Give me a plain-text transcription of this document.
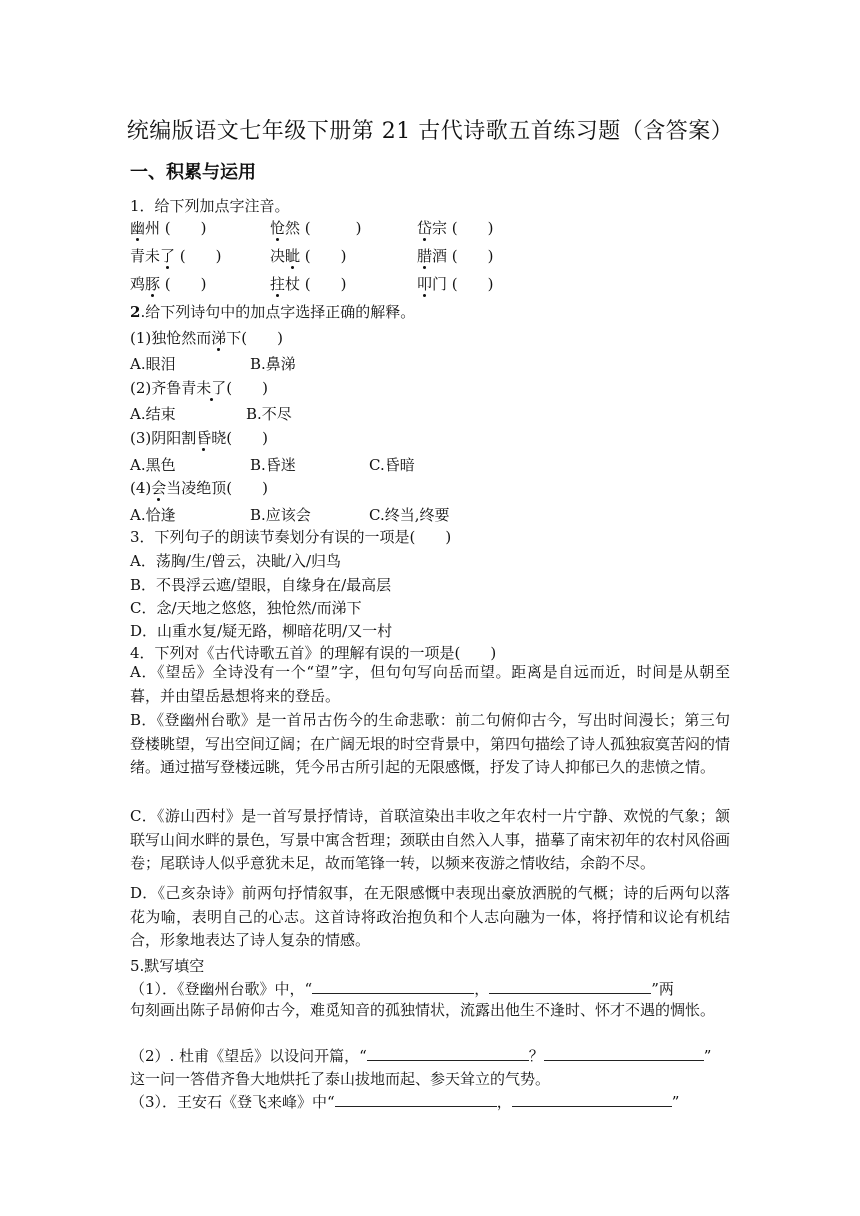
统编版语文七年级下册第 21 古代诗歌五首练习题（含答案）
一、积累与运用
1．给下列加点字注音。
幽州 (　　)	怆然 (　　　)	岱宗 (　　)
青未了 (　　)	决眦 (　　)	腊酒 (　　)
鸡豚 (　　)	拄杖 (　　)	叩门 (　　)
2.给下列诗句中的加点字选择正确的解释。
(1)独怆然而涕下(　　)
A.眼泪	B.鼻涕
(2)齐鲁青未了(　　)
A.结束	B.不尽
(3)阴阳割昏晓(　　)
A.黑色	B.昏迷	C.昏暗
(4)会当凌绝顶(　　)
A.恰逢	B.应该会	C.终当,终要
3．下列句子的朗读节奏划分有误的一项是(　　)
A．荡胸/生/曾云，决眦/入/归鸟
B．不畏浮云遮/望眼，自缘身在/最高层
C．念/天地之悠悠，独怆然/而涕下
D．山重水复/疑无路，柳暗花明/又一村
4．下列对《古代诗歌五首》的理解有误的一项是(　　)
A．《望岳》全诗没有一个“望”字，但句句写向岳而望。距离是自远而近，时间是从朝至暮，并由望岳悬想将来的登岳。
B．《登幽州台歌》是一首吊古伤今的生命悲歌：前二句俯仰古今，写出时间漫长；第三句登楼眺望，写出空间辽阔；在广阔无垠的时空背景中，第四句描绘了诗人孤独寂寞苦闷的情绪。通过描写登楼远眺，凭今吊古所引起的无限感慨，抒发了诗人抑郁已久的悲愤之情。
C．《游山西村》是一首写景抒情诗，首联渲染出丰收之年农村一片宁静、欢悦的气象；颔联写山间水畔的景色，写景中寓含哲理；颈联由自然入人事，描摹了南宋初年的农村风俗画卷；尾联诗人似乎意犹未足，故而笔锋一转，以频来夜游之情收结，余韵不尽。
D．《己亥杂诗》前两句抒情叙事，在无限感慨中表现出豪放洒脱的气概；诗的后两句以落花为喻，表明自己的心志。这首诗将政治抱负和个人志向融为一体，将抒情和议论有机结合，形象地表达了诗人复杂的情感。
5.默写填空
（1）．《登幽州台歌》中，“	，	”两
句刻画出陈子昂俯仰古今，难觅知音的孤独情状，流露出他生不逢时、怀才不遇的惆怅。
（2）. 杜甫《望岳》以设问开篇，“	？	”
这一问一答借齐鲁大地烘托了泰山拔地而起、参天耸立的气势。
（3）．王安石《登飞来峰》中“	，	”
